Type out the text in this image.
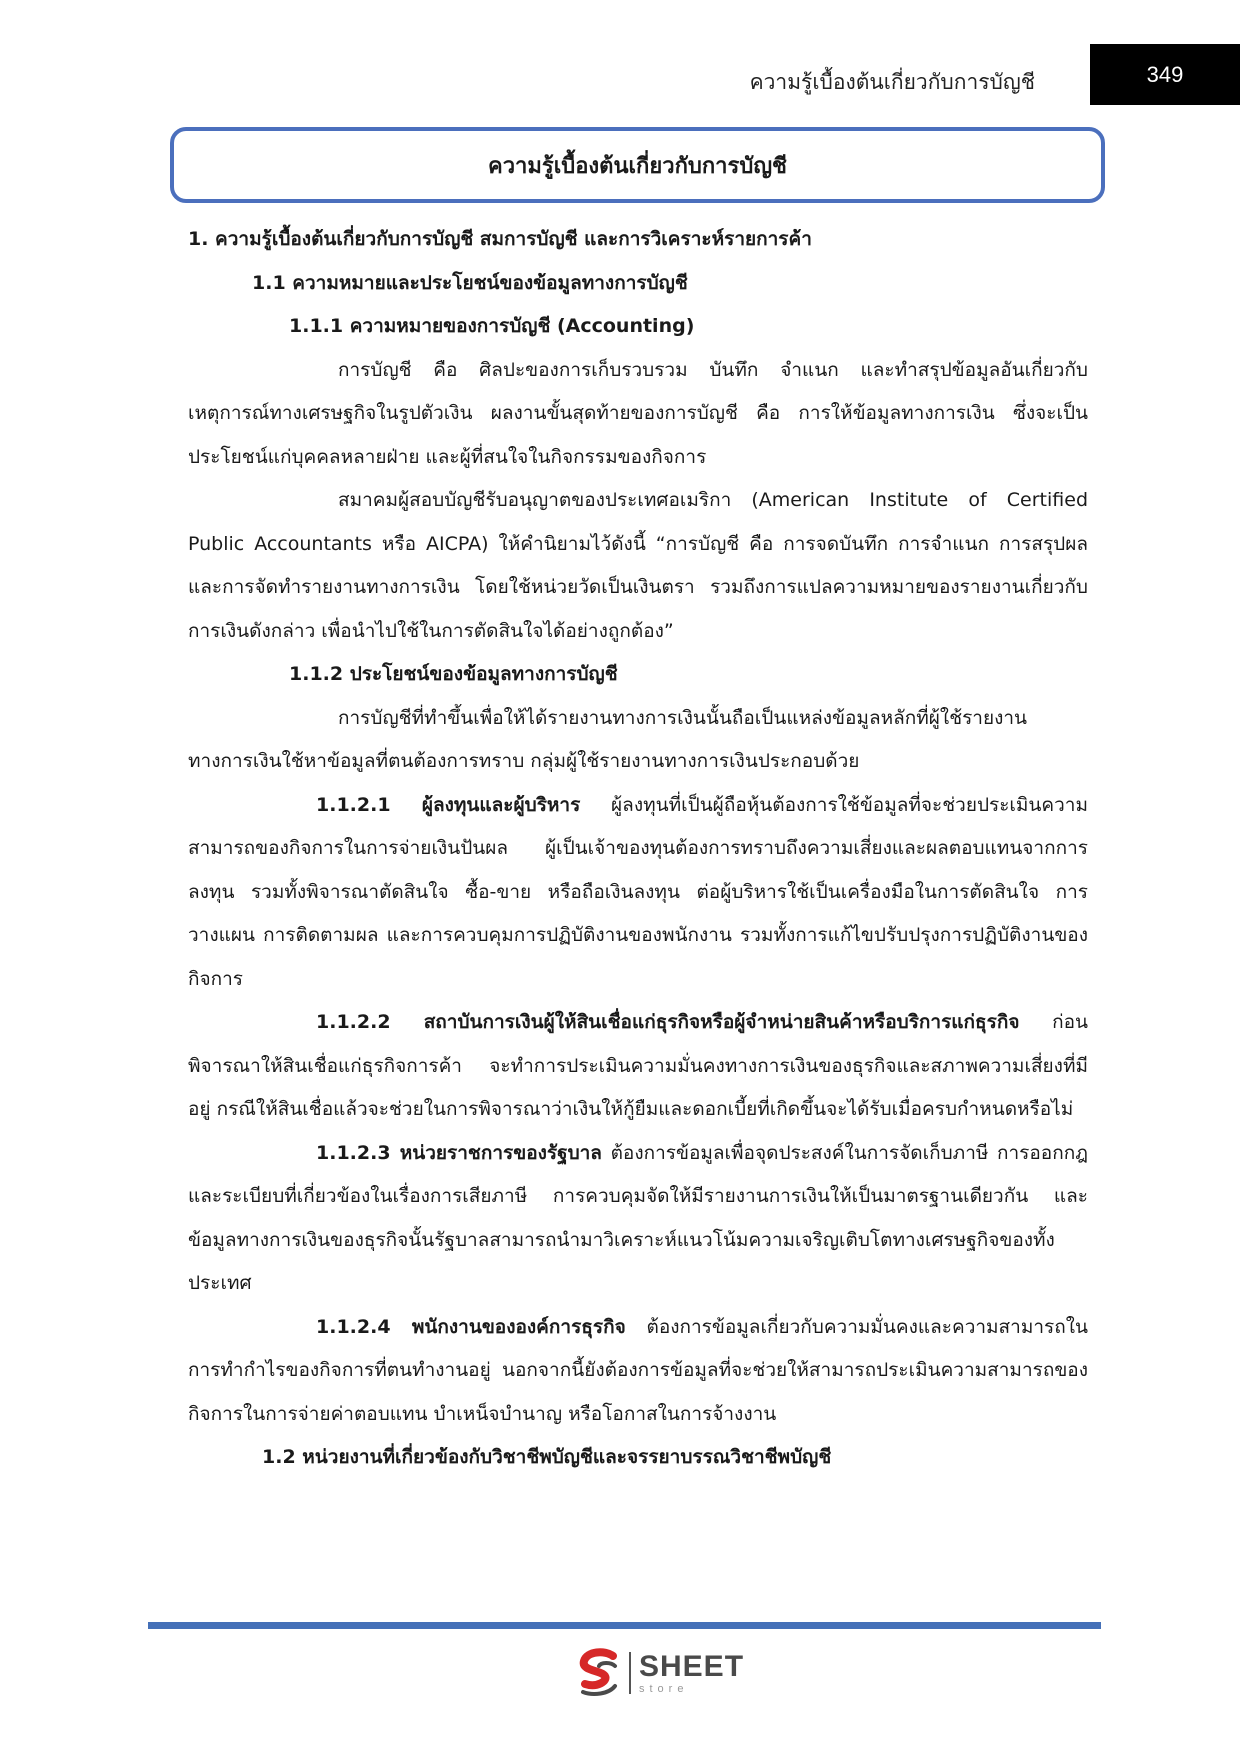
ความรู้เบื้องต้นเกี่ยวกับการบัญชี	349
ความรู้เบื้องต้นเกี่ยวกับการบัญชี

1. ความรู้เบื้องต้นเกี่ยวกับการบัญชี สมการบัญชี และการวิเคราะห์รายการค้า

1.1 ความหมายและประโยชน์ของข้อมูลทางการบัญชี

1.1.1 ความหมายของการบัญชี (Accounting)

การบัญชี คือ ศิลปะของการเก็บรวบรวม บันทึก จำแนก และทำสรุปข้อมูลอันเกี่ยวกับเหตุการณ์ทางเศรษฐกิจในรูปตัวเงิน ผลงานขั้นสุดท้ายของการบัญชี คือ การให้ข้อมูลทางการเงิน ซึ่งจะเป็นประโยชน์แก่บุคคลหลายฝ่าย และผู้ที่สนใจในกิจกรรมของกิจการ

สมาคมผู้สอบบัญชีรับอนุญาตของประเทศอเมริกา (American Institute of Certified Public Accountants หรือ AICPA) ให้คำนิยามไว้ดังนี้ “การบัญชี คือ การจดบันทึก การจำแนก การสรุปผล และการจัดทำรายงานทางการเงิน โดยใช้หน่วยวัดเป็นเงินตรา รวมถึงการแปลความหมายของรายงานเกี่ยวกับการเงินดังกล่าว เพื่อนำไปใช้ในการตัดสินใจได้อย่างถูกต้อง”

1.1.2 ประโยชน์ของข้อมูลทางการบัญชี

การบัญชีที่ทำขึ้นเพื่อให้ได้รายงานทางการเงินนั้นถือเป็นแหล่งข้อมูลหลักที่ผู้ใช้รายงานทางการเงินใช้หาข้อมูลที่ตนต้องการทราบ กลุ่มผู้ใช้รายงานทางการเงินประกอบด้วย

1.1.2.1 ผู้ลงทุนและผู้บริหาร ผู้ลงทุนที่เป็นผู้ถือหุ้นต้องการใช้ข้อมูลที่จะช่วยประเมินความสามารถของกิจการในการจ่ายเงินปันผล ผู้เป็นเจ้าของทุนต้องการทราบถึงความเสี่ยงและผลตอบแทนจากการลงทุน รวมทั้งพิจารณาตัดสินใจ ซื้อ-ขาย หรือถือเงินลงทุน ต่อผู้บริหารใช้เป็นเครื่องมือในการตัดสินใจ การวางแผน การติดตามผล และการควบคุมการปฏิบัติงานของพนักงาน รวมทั้งการแก้ไขปรับปรุงการปฏิบัติงานของกิจการ

1.1.2.2 สถาบันการเงินผู้ให้สินเชื่อแก่ธุรกิจหรือผู้จำหน่ายสินค้าหรือบริการแก่ธุรกิจ ก่อนพิจารณาให้สินเชื่อแก่ธุรกิจการค้า จะทำการประเมินความมั่นคงทางการเงินของธุรกิจและสภาพความเสี่ยงที่มีอยู่ กรณีให้สินเชื่อแล้วจะช่วยในการพิจารณาว่าเงินให้กู้ยืมและดอกเบี้ยที่เกิดขึ้นจะได้รับเมื่อครบกำหนดหรือไม่

1.1.2.3 หน่วยราชการของรัฐบาล ต้องการข้อมูลเพื่อจุดประสงค์ในการจัดเก็บภาษี การออกกฎและระเบียบที่เกี่ยวข้องในเรื่องการเสียภาษี การควบคุมจัดให้มีรายงานการเงินให้เป็นมาตรฐานเดียวกัน และข้อมูลทางการเงินของธุรกิจนั้นรัฐบาลสามารถนำมาวิเคราะห์แนวโน้มความเจริญเติบโตทางเศรษฐกิจของทั้งประเทศ

1.1.2.4 พนักงานขององค์การธุรกิจ ต้องการข้อมูลเกี่ยวกับความมั่นคงและความสามารถในการทำกำไรของกิจการที่ตนทำงานอยู่ นอกจากนี้ยังต้องการข้อมูลที่จะช่วยให้สามารถประเมินความสามารถของกิจการในการจ่ายค่าตอบแทน บำเหน็จบำนาญ หรือโอกาสในการจ้างงาน

1.2 หน่วยงานที่เกี่ยวข้องกับวิชาชีพบัญชีและจรรยาบรรณวิชาชีพบัญชี

SHEET
store
